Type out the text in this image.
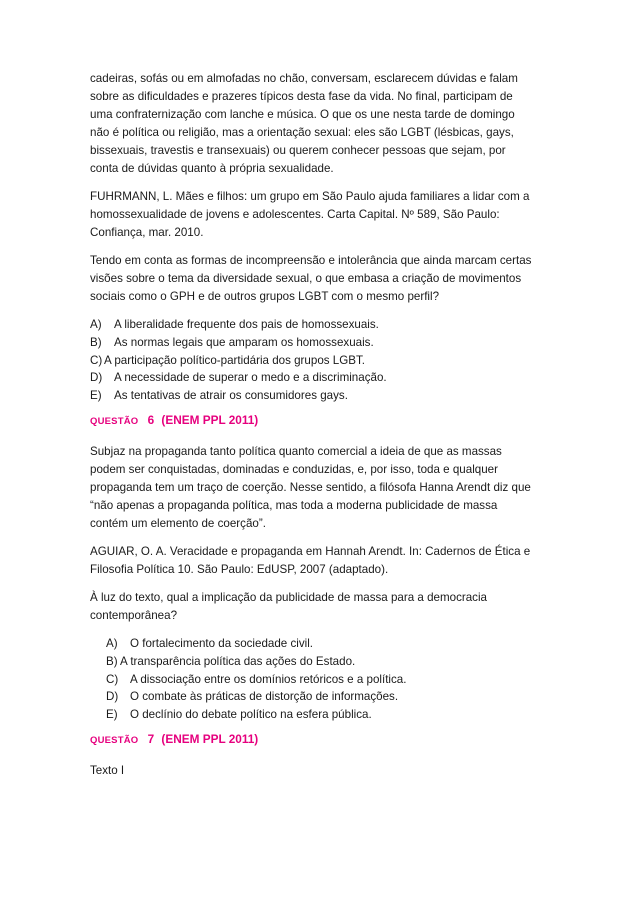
cadeiras, sofás ou em almofadas no chão, conversam, esclarecem dúvidas e falam
sobre as dificuldades e prazeres típicos desta fase da vida. No final, participam de
uma confraternização com lanche e música. O que os une nesta tarde de domingo
não é política ou religião, mas a orientação sexual: eles são LGBT (lésbicas, gays,
bissexuais, travestis e transexuais) ou querem conhecer pessoas que sejam, por
conta de dúvidas quanto à própria sexualidade.
FUHRMANN, L. Mães e filhos: um grupo em São Paulo ajuda familiares a lidar com a
homossexualidade de jovens e adolescentes. Carta Capital. Nº 589, São Paulo:
Confiança, mar. 2010.
Tendo em conta as formas de incompreensão e intolerância que ainda marcam certas
visões sobre o tema da diversidade sexual, o que embasa a criação de movimentos
sociais como o GPH e de outros grupos LGBT com o mesmo perfil?
A) A liberalidade frequente dos pais de homossexuais.
B) As normas legais que amparam os homossexuais.
C) A participação político-partidária dos grupos LGBT.
D) A necessidade de superar o medo e a discriminação.
E) As tentativas de atrair os consumidores gays.
QUESTÃO 6 (ENEM PPL 2011)
Subjaz na propaganda tanto política quanto comercial a ideia de que as massas
podem ser conquistadas, dominadas e conduzidas, e, por isso, toda e qualquer
propaganda tem um traço de coerção. Nesse sentido, a filósofa Hanna Arendt diz que
“não apenas a propaganda política, mas toda a moderna publicidade de massa
contém um elemento de coerção”.
AGUIAR, O. A. Veracidade e propaganda em Hannah Arendt. In: Cadernos de Ética e
Filosofia Política 10. São Paulo: EdUSP, 2007 (adaptado).
À luz do texto, qual a implicação da publicidade de massa para a democracia
contemporânea?
A) O fortalecimento da sociedade civil.
B) A transparência política das ações do Estado.
C) A dissociação entre os domínios retóricos e a política.
D) O combate às práticas de distorção de informações.
E) O declínio do debate político na esfera pública.
QUESTÃO 7 (ENEM PPL 2011)
Texto I
